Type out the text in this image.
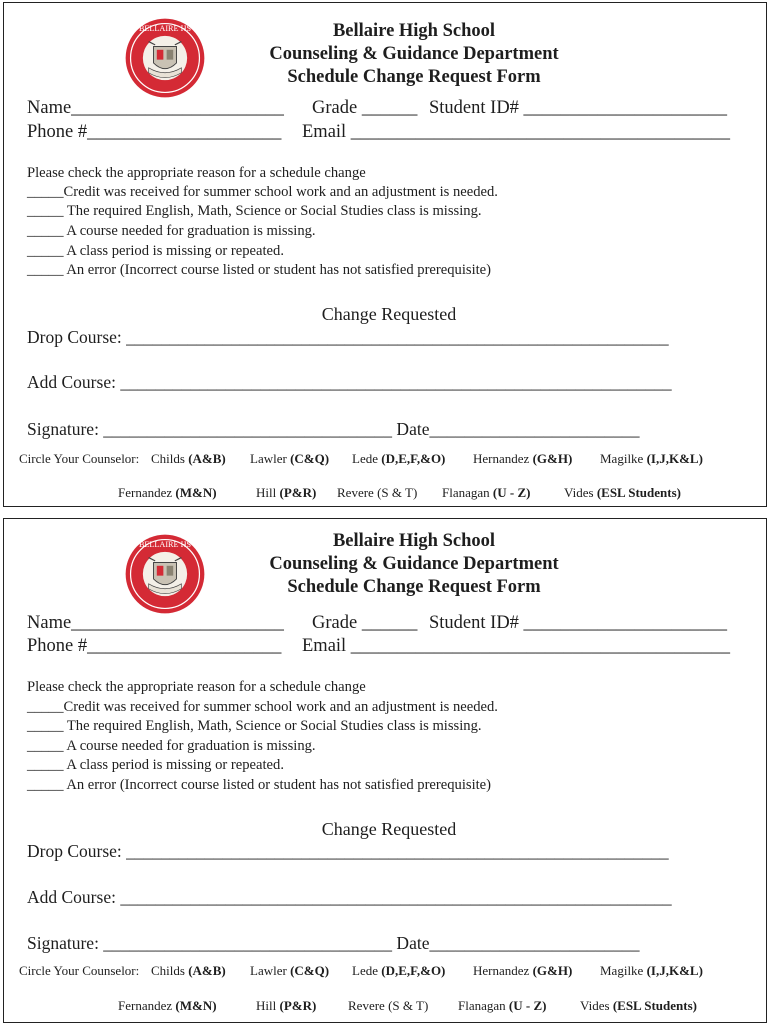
BELLAIRE HS	Bellaire High School
Counseling & Guidance Department
Schedule Change Request Form
Name_______________________ Grade ______ Student ID# ______________________
Phone #_____________________ Email _________________________________________
Please check the appropriate reason for a schedule change
_____Credit was received for summer school work and an adjustment is needed.
_____ The required English, Math, Science or Social Studies class is missing.
_____ A course needed for graduation is missing.
_____ A class period is missing or repeated.
_____ An error (Incorrect course listed or student has not satisfied prerequisite)
Change Requested
Drop Course: ______________________________________________________________
Add Course: _______________________________________________________________
Signature: _________________________________ Date________________________
Circle Your Counselor: Childs (A&B) Lawler (C&Q) Lede (D,E,F,&O) Hernandez (G&H) Magilke (I,J,K&L)
Fernandez (M&N)	Hill (P&R) Revere (S & T) Flanagan (U - Z)	Vides (ESL Students)
BELLAIRE HS	Bellaire High School
Counseling & Guidance Department
Schedule Change Request Form
Name_______________________ Grade ______ Student ID# ______________________
Phone #_____________________ Email _________________________________________
Please check the appropriate reason for a schedule change
_____Credit was received for summer school work and an adjustment is needed.
_____ The required English, Math, Science or Social Studies class is missing.
_____ A course needed for graduation is missing.
_____ A class period is missing or repeated.
_____ An error (Incorrect course listed or student has not satisfied prerequisite)
Change Requested
Drop Course: ______________________________________________________________
Add Course: _______________________________________________________________
Signature: _________________________________ Date________________________
Circle Your Counselor: Childs (A&B) Lawler (C&Q) Lede (D,E,F,&O) Hernandez (G&H) Magilke (I,J,K&L)
Fernandez (M&N)	Hill (P&R) Revere (S & T) Flanagan (U - Z)	Vides (ESL Students)
